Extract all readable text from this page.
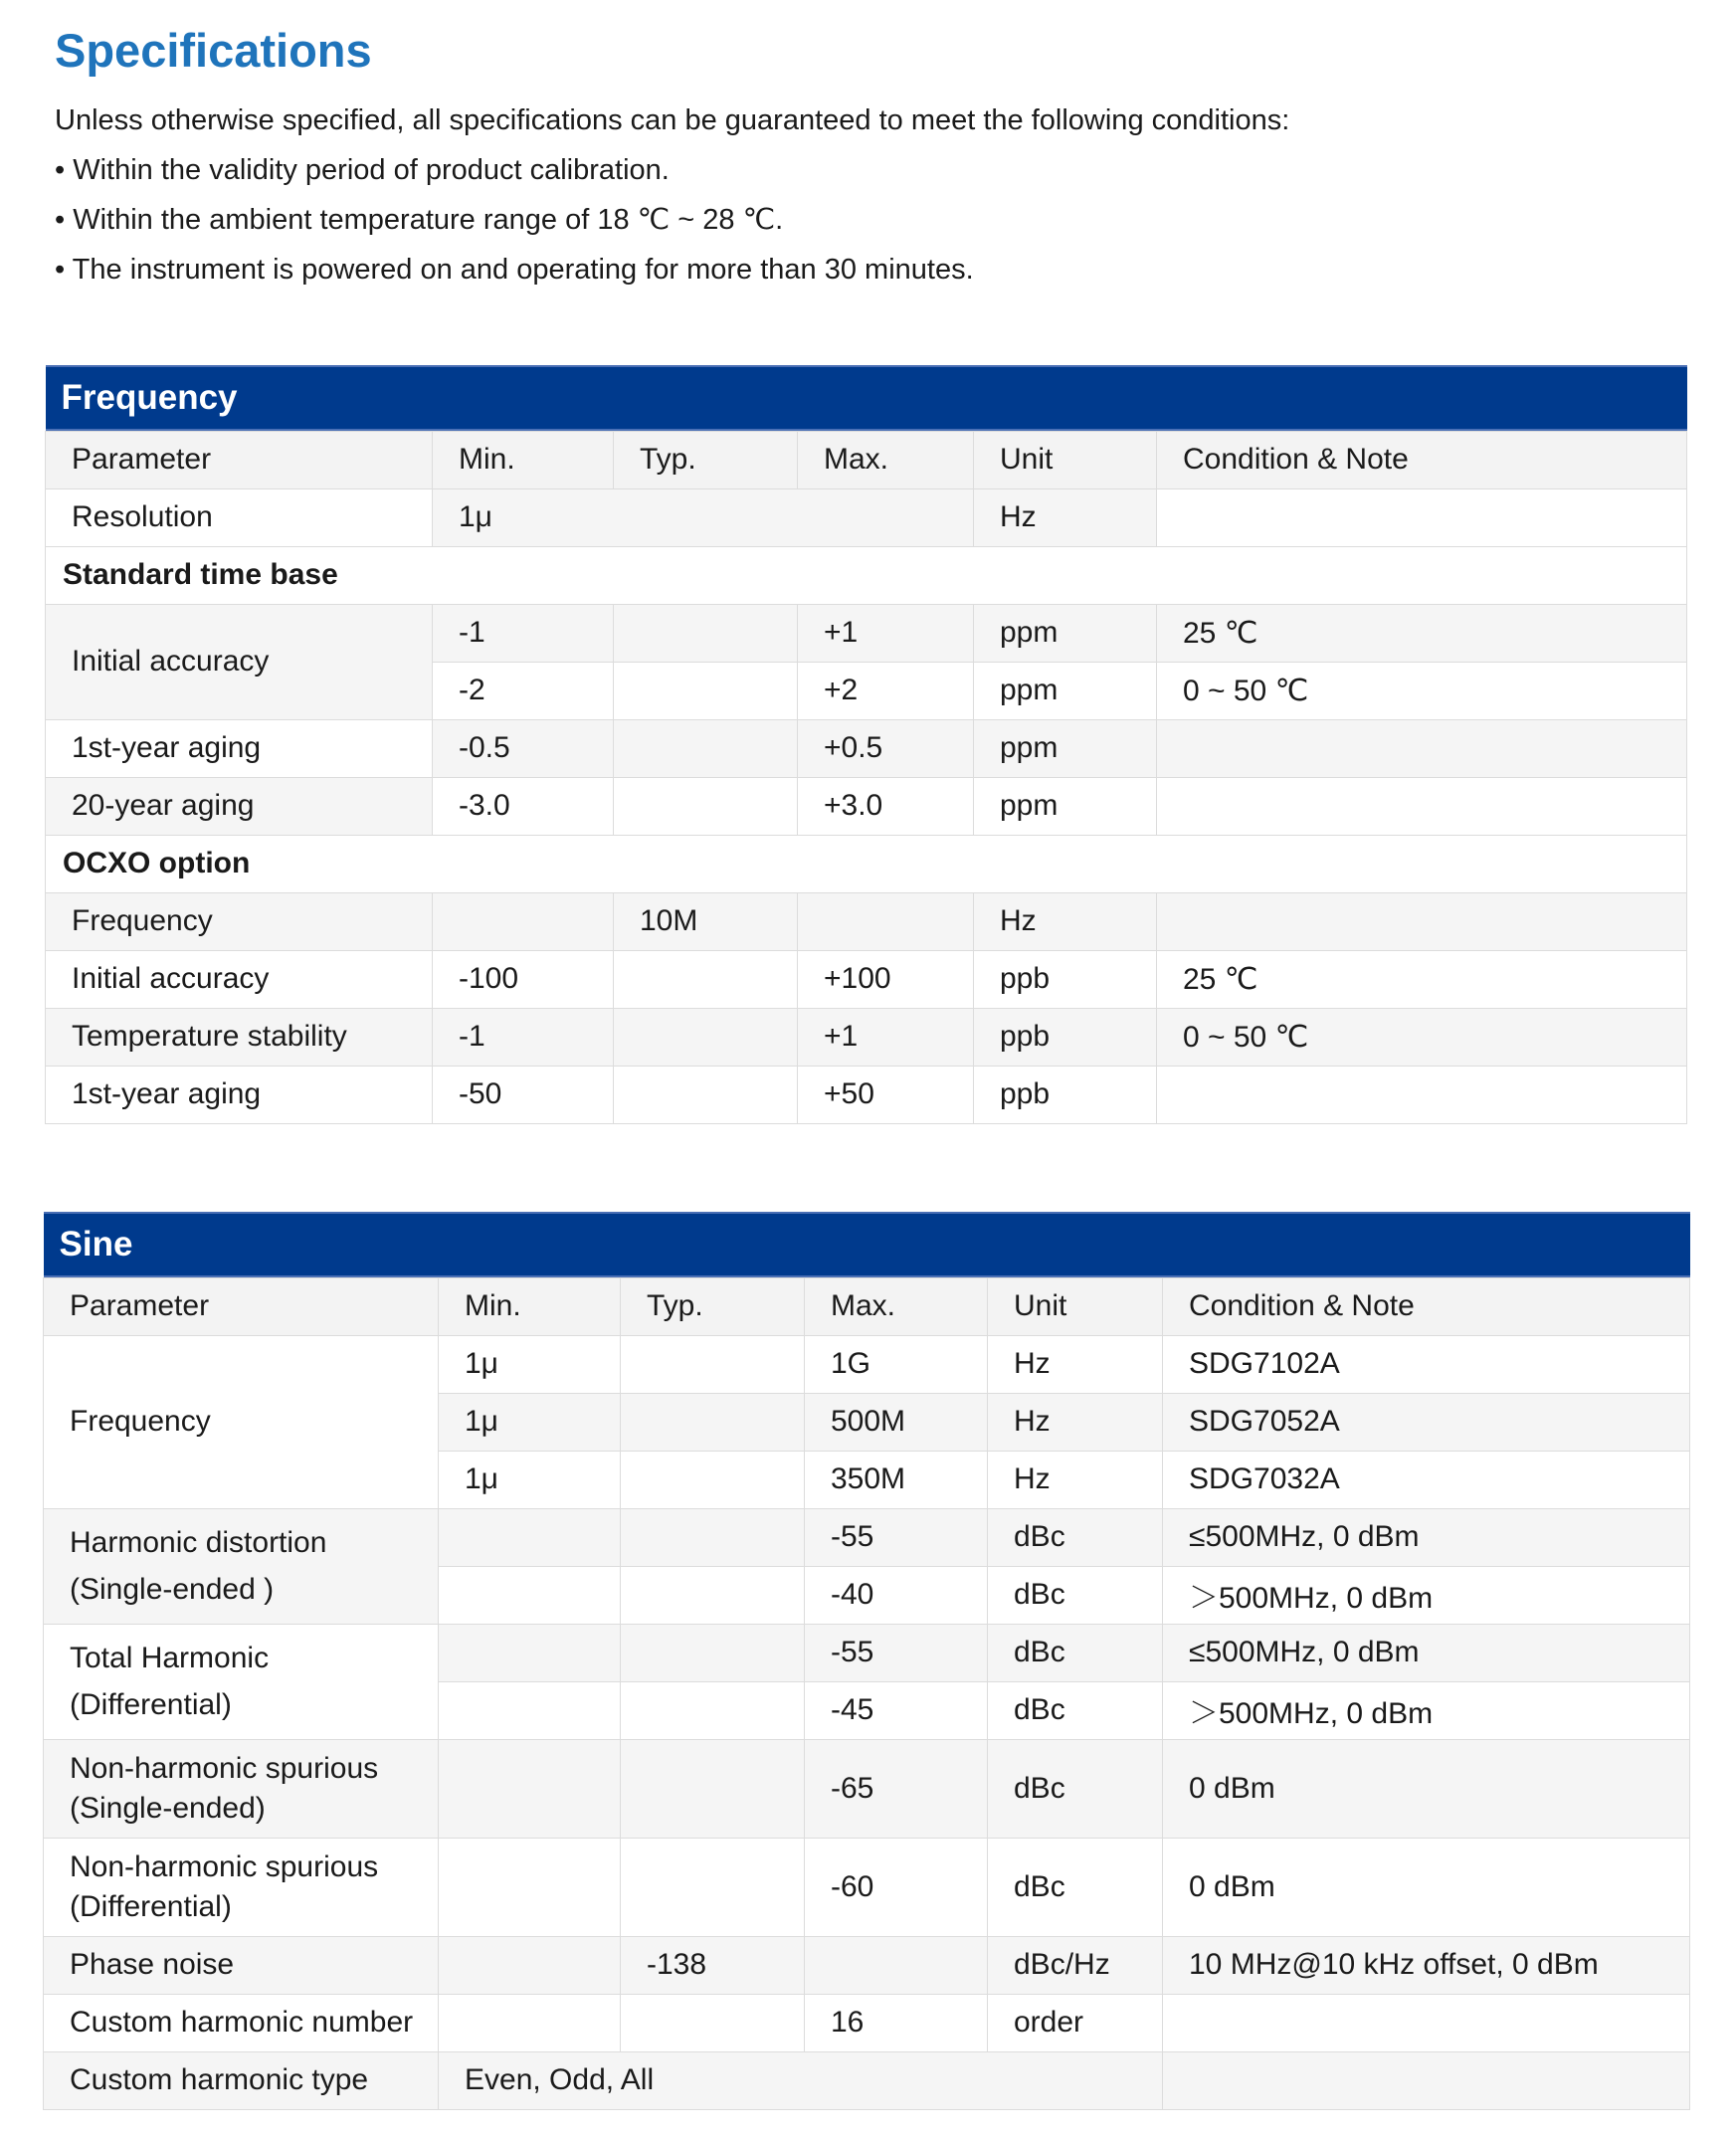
Specifications

Unless otherwise specified, all specifications can be guaranteed to meet the following conditions:

• Within the validity period of product calibration.

• Within the ambient temperature range of 18 ℃ ~ 28 ℃.

• The instrument is powered on and operating for more than 30 minutes.

Frequency					
Parameter	Min.	Typ.	Max.	Unit	Condition & Note
Resolution	1μ			Hz	
Standard time base					
Initial accuracy	-1		+1	ppm	25 ℃
	-2		+2	ppm	0 ~ 50 ℃
1st-year aging	-0.5		+0.5	ppm	
20-year aging	-3.0		+3.0	ppm	
OCXO option					
Frequency		10M		Hz	
Initial accuracy	-100		+100	ppb	25 ℃
Temperature stability	-1		+1	ppb	0 ~ 50 ℃
1st-year aging	-50		+50	ppb	
Sine					
Parameter	Min.	Typ.	Max.	Unit	Condition & Note
Frequency	1μ		1G	Hz	SDG7102A
	1μ		500M	Hz	SDG7052A
	1μ		350M	Hz	SDG7032A
Harmonic distortion
(Single-ended )			-55	dBc	≤500MHz, 0 dBm
			-40	dBc	＞500MHz, 0 dBm
Total Harmonic
(Differential)			-55	dBc	≤500MHz, 0 dBm
			-45	dBc	＞500MHz, 0 dBm
Non-harmonic spurious
(Single-ended)			-65	dBc	0 dBm
Non-harmonic spurious
(Differential)			-60	dBc	0 dBm
Phase noise		-138		dBc/Hz	10 MHz@10 kHz offset, 0 dBm
Custom harmonic number			16	order	
Custom harmonic type	Even, Odd, All				
